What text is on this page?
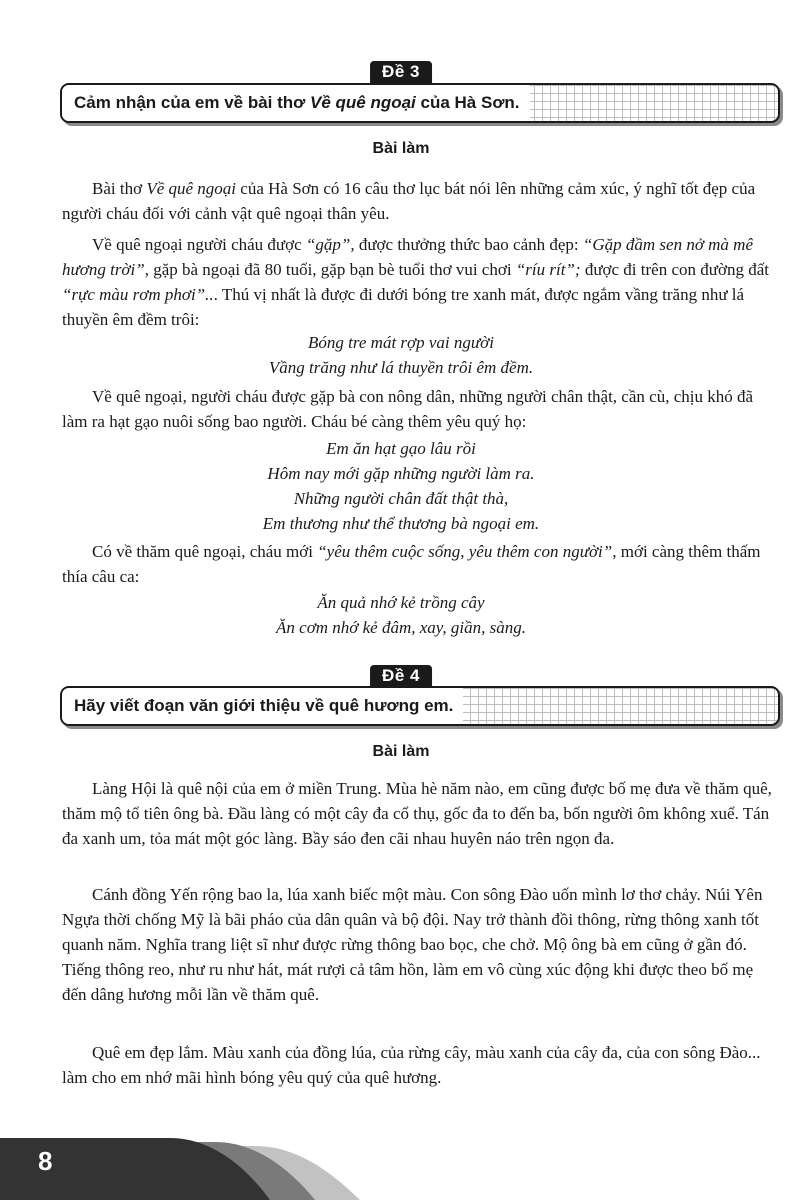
Đề 3
Cảm nhận của em về bài thơ Về quê ngoại của Hà Sơn.
Bài làm

Bài thơ Về quê ngoại của Hà Sơn có 16 câu thơ lục bát nói lên những cảm xúc, ý nghĩ tốt đẹp của người cháu đối với cảnh vật quê ngoại thân yêu.

Về quê ngoại người cháu được “gặp”, được thưởng thức bao cảnh đẹp: “Gặp đầm sen nở mà mê hương trời”, gặp bà ngoại đã 80 tuổi, gặp bạn bè tuổi thơ vui chơi “ríu rít”; được đi trên con đường đất “rực màu rơm phơi”... Thú vị nhất là được đi dưới bóng tre xanh mát, được ngắm vầng trăng như lá thuyền êm đềm trôi:

Bóng tre mát rợp vai người
Vầng trăng như lá thuyền trôi êm đềm.

Về quê ngoại, người cháu được gặp bà con nông dân, những người chân thật, cần cù, chịu khó đã làm ra hạt gạo nuôi sống bao người. Cháu bé càng thêm yêu quý họ:

Em ăn hạt gạo lâu rồi
Hôm nay mới gặp những người làm ra.
Những người chân đất thật thà,
Em thương như thể thương bà ngoại em.

Có về thăm quê ngoại, cháu mới “yêu thêm cuộc sống, yêu thêm con người”, mới càng thêm thấm thía câu ca:

Ăn quả nhớ kẻ trồng cây
Ăn cơm nhớ kẻ đâm, xay, giần, sàng.
Đề 4
Hãy viết đoạn văn giới thiệu về quê hương em.
Bài làm

Làng Hội là quê nội của em ở miền Trung. Mùa hè năm nào, em cũng được bố mẹ đưa về thăm quê, thăm mộ tổ tiên ông bà. Đầu làng có một cây đa cổ thụ, gốc đa to đến ba, bốn người ôm không xuể. Tán đa xanh um, tỏa mát một góc làng. Bầy sáo đen cãi nhau huyên náo trên ngọn đa.

Cánh đồng Yến rộng bao la, lúa xanh biếc một màu. Con sông Đào uốn mình lơ thơ chảy. Núi Yên Ngựa thời chống Mỹ là bãi pháo của dân quân và bộ đội. Nay trở thành đồi thông, rừng thông xanh tốt quanh năm. Nghĩa trang liệt sĩ như được rừng thông bao bọc, che chở. Mộ ông bà em cũng ở gần đó. Tiếng thông reo, như ru như hát, mát rượi cả tâm hồn, làm em vô cùng xúc động khi được theo bố mẹ đến dâng hương mỗi lần về thăm quê.

Quê em đẹp lắm. Màu xanh của đồng lúa, của rừng cây, màu xanh của cây đa, của con sông Đào... làm cho em nhớ mãi hình bóng yêu quý của quê hương.

8
